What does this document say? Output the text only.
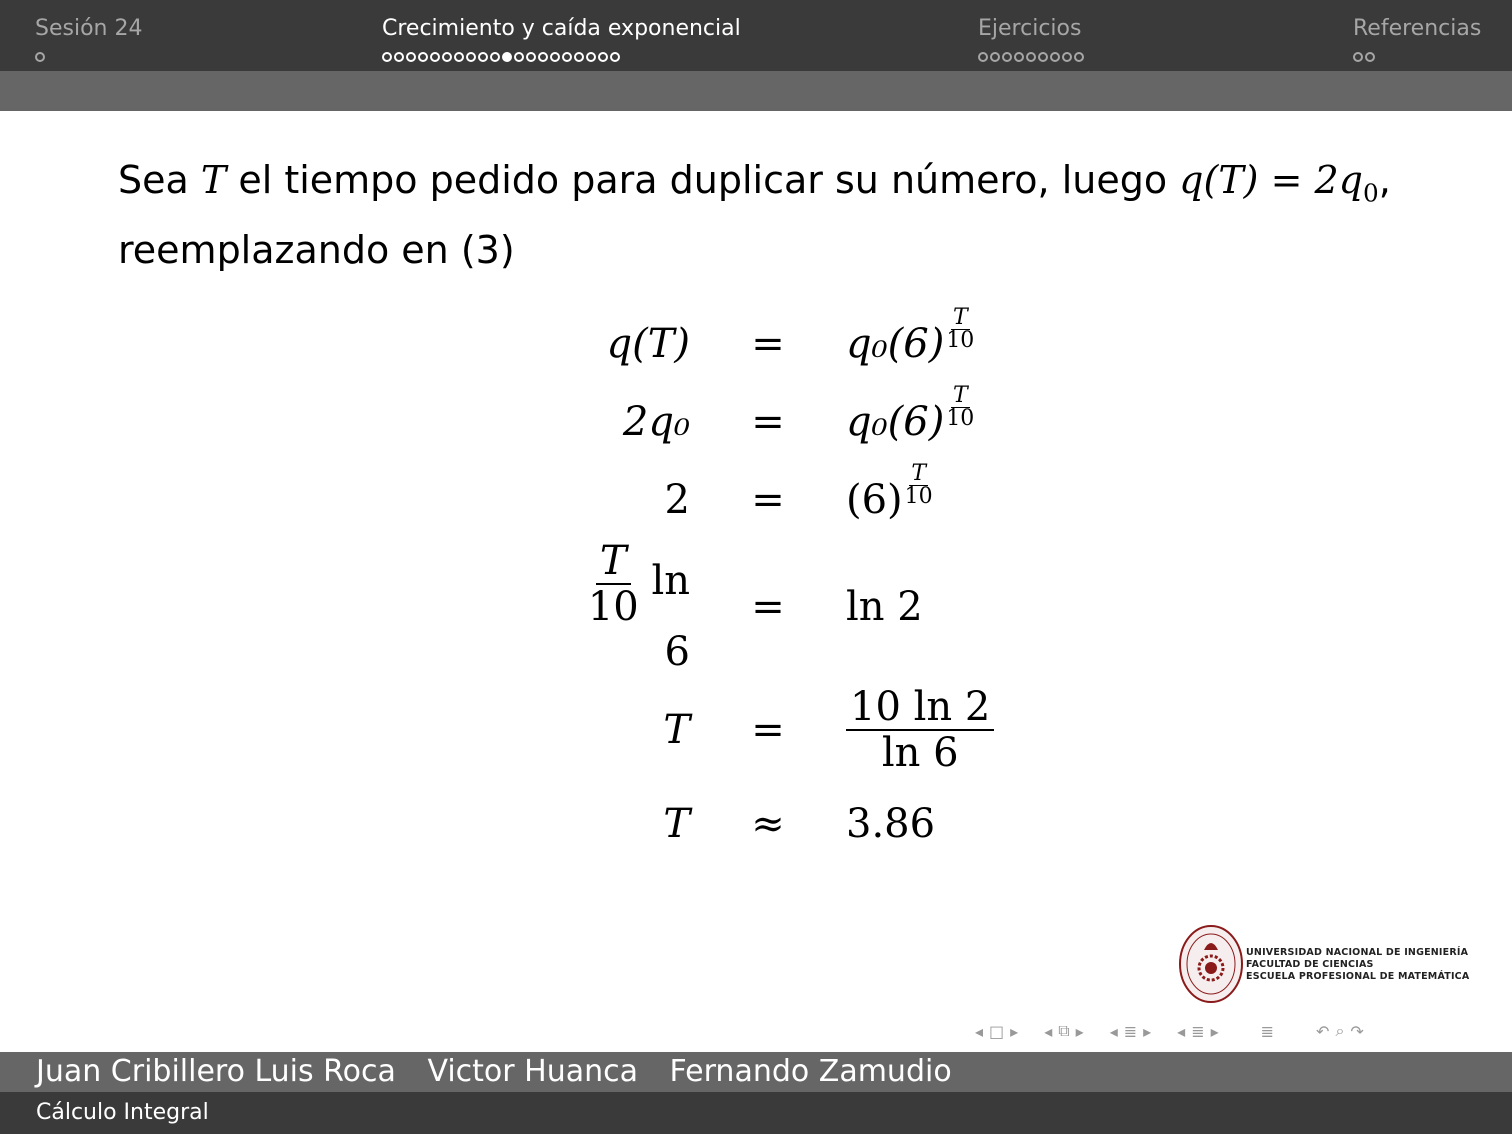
Sesión 24	Crecimiento y caída exponencial	Ejercicios	Referencias
Sea T el tiempo pedido para duplicar su número, luego $q(T) = 2q_0$,
reemplazando en (3)
q(T)	=	$q_0(6) \frac{T}{10}$

2q₀	=	$q_0(6) \frac{T}{10}$

2	=	$(6) \frac{T}{10}$

$\frac{T}{10}$ ln 6	=	ln 2
T	=	$\frac{10 \ln 2}{\ln 6}$

T	≈	3.86
UNIVERSIDAD NACIONAL DE INGENIERÍA
FACULTAD DE CIENCIAS
ESCUELA PROFESIONAL DE MATEMÁTICA
◂ □ ▸ ◂ ⧉ ▸ ◂ ≣ ▸ ◂ ≣ ▸	≣	↶ ⌕ ↷
Juan Cribillero Luis Roca Victor Huanca Fernando Zamudio
Cálculo Integral
